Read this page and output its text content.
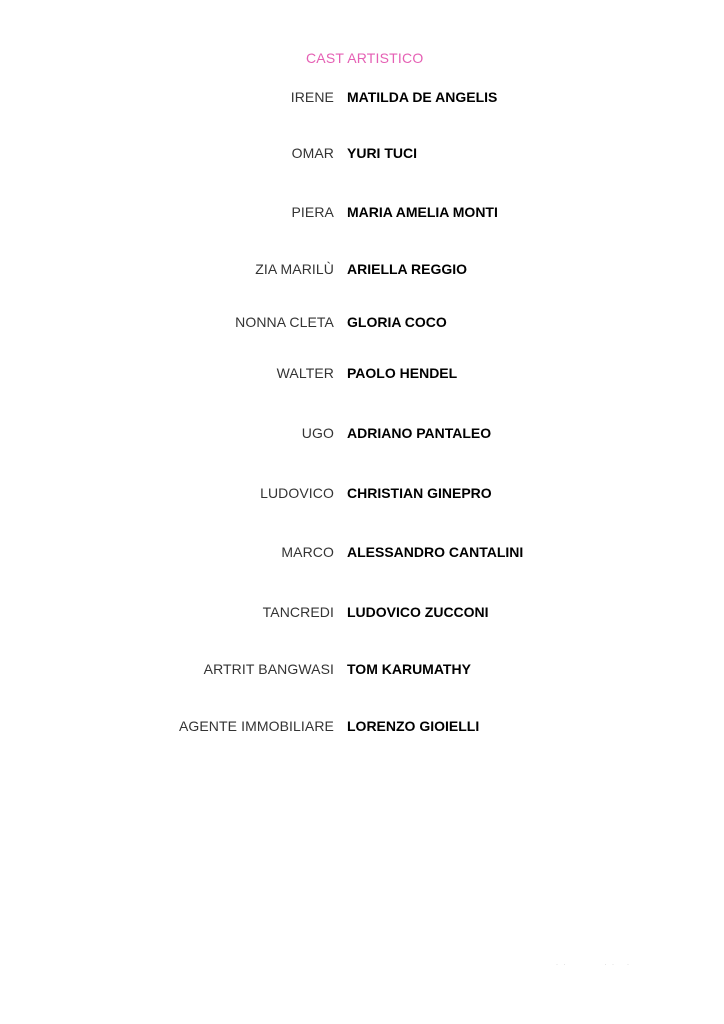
CAST ARTISTICO
IRENE MATILDA DE ANGELIS
OMAR YURI TUCI
PIERA MARIA AMELIA MONTI
ZIA MARILÙ ARIELLA REGGIO
NONNA CLETA GLORIA COCO
WALTER PAOLO HENDEL
UGO ADRIANO PANTALEO
LUDOVICO CHRISTIAN GINEPRO
MARCO ALESSANDRO CANTALINI
TANCREDI LUDOVICO ZUCCONI
ARTRIT BANGWASI TOM KARUMATHY
AGENTE IMMOBILIARE LORENZO GIOIELLI
· ·          · ·   ·
